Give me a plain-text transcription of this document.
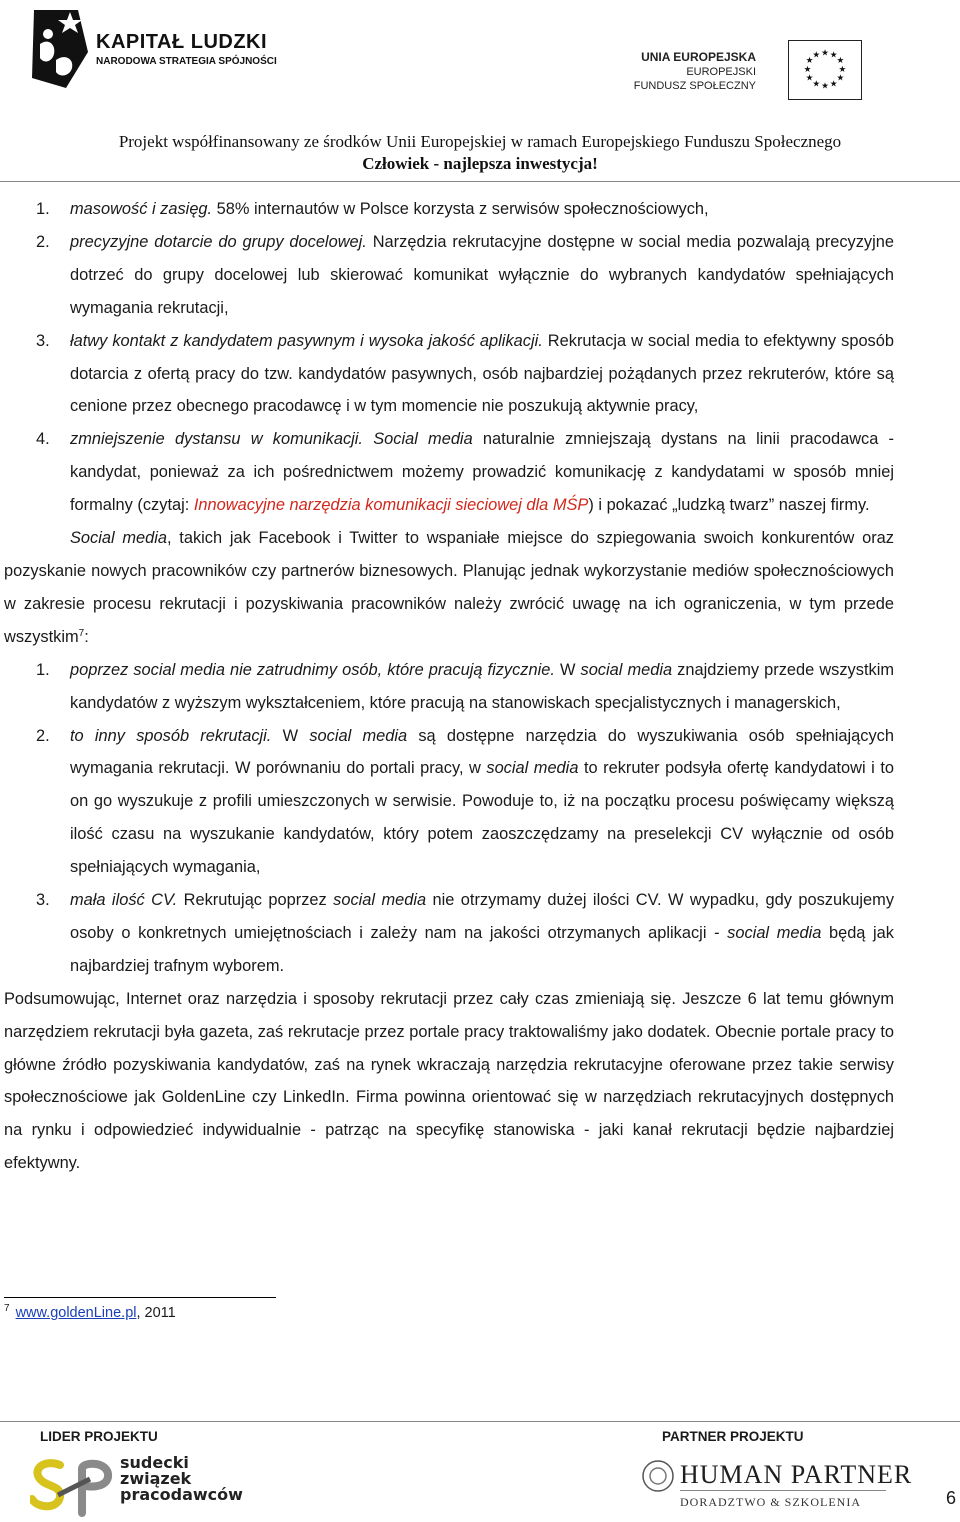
KAPITAŁ LUDZKI
NARODOWA STRATEGIA SPÓJNOŚCI	UNIA EUROPEJSKA
EUROPEJSKI
FUNDUSZ SPOŁECZNY
★ ★
★
★
★
★
★
★
★
★
★
★
Projekt współfinansowany ze środków Unii Europejskiej w ramach Europejskiego Funduszu Społecznego
Człowiek - najlepsza inwestycja!
1. masowość i zasięg. 58% internautów w Polsce korzysta z serwisów społecznościowych,
2. precyzyjne dotarcie do grupy docelowej. Narzędzia rekrutacyjne dostępne w social media pozwalają precyzyjne dotrzeć do grupy docelowej lub skierować komunikat wyłącznie do wybranych kandydatów spełniających wymagania rekrutacji,
3. łatwy kontakt z kandydatem pasywnym i wysoka jakość aplikacji. Rekrutacja w social media to efektywny sposób dotarcia z ofertą pracy do tzw. kandydatów pasywnych, osób najbardziej pożądanych przez rekruterów, które są cenione przez obecnego pracodawcę i w tym momencie nie poszukują aktywnie pracy,
4. zmniejszenie dystansu w komunikacji. Social media naturalnie zmniejszają dystans na linii pracodawca - kandydat, ponieważ za ich pośrednictwem możemy prowadzić komunikację z kandydatami w sposób mniej formalny (czytaj: Innowacyjne narzędzia komunikacji sieciowej dla MŚP) i pokazać „ludzką twarz” naszej firmy.
Social media, takich jak Facebook i Twitter to wspaniałe miejsce do szpiegowania swoich konkurentów oraz pozyskanie nowych pracowników czy partnerów biznesowych. Planując jednak wykorzystanie mediów społecznościowych w zakresie procesu rekrutacji i pozyskiwania pracowników należy zwrócić uwagę na ich ograniczenia, w tym przede wszystkim$^7$:
1. poprzez social media nie zatrudnimy osób, które pracują fizycznie. W social media znajdziemy przede wszystkim kandydatów z wyższym wykształceniem, które pracują na stanowiskach specjalistycznych i managerskich,
2. to inny sposób rekrutacji. W social media są dostępne narzędzia do wyszukiwania osób spełniających wymagania rekrutacji. W porównaniu do portali pracy, w social media to rekruter podsyła ofertę kandydatowi i to on go wyszukuje z profili umieszczonych w serwisie. Powoduje to, iż na początku procesu poświęcamy większą ilość czasu na wyszukanie kandydatów, który potem zaoszczędzamy na preselekcji CV wyłącznie od osób spełniających wymagania,
3. mała ilość CV. Rekrutując poprzez social media nie otrzymamy dużej ilości CV. W wypadku, gdy poszukujemy osoby o konkretnych umiejętnościach i zależy nam na jakości otrzymanych aplikacji - social media będą jak najbardziej trafnym wyborem.
Podsumowując, Internet oraz narzędzia i sposoby rekrutacji przez cały czas zmieniają się. Jeszcze 6 lat temu głównym narzędziem rekrutacji była gazeta, zaś rekrutacje przez portale pracy traktowaliśmy jako dodatek. Obecnie portale pracy to główne źródło pozyskiwania kandydatów, zaś na rynek wkraczają narzędzia rekrutacyjne oferowane przez takie serwisy społecznościowe jak GoldenLine czy LinkedIn. Firma powinna orientować się w narzędziach rekrutacyjnych dostępnych na rynku i odpowiedzieć indywidualnie - patrząc na specyfikę stanowiska - jaki kanał rekrutacji będzie najbardziej efektywny.
$^7$ www.goldenLine.pl, 2011
LIDER PROJEKTU	PARTNER PROJEKTU
sudecki
związek
pracodawców
HUMAN PARTNER
DORADZTWO & SZKOLENIA	6
